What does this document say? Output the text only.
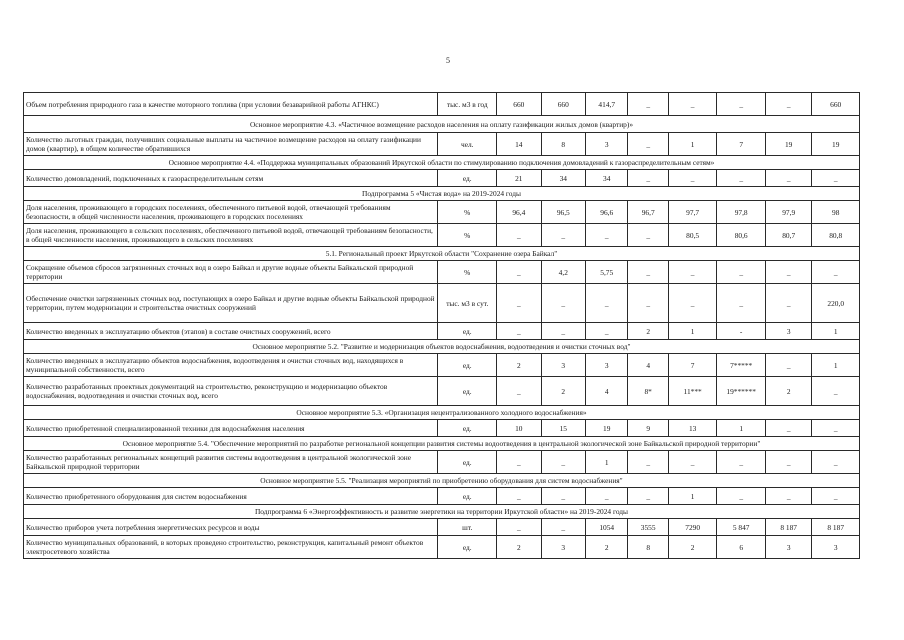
5
Объем потребления природного газа в качестве моторного топлива (при условии безаварийной работы АГНКС)	тыс. м3 в год	660	660	414,7	_	_	_	_	660
Основное мероприятие 4.3. «Частичное возмещение расходов населения на оплату газификации жилых домов (квартир)»									
Количество льготных граждан, получивших социальные выплаты на частичное возмещение расходов на оплату газификации домов (квартир), в общем количестве обратившихся	чел.	14	8	3	_	1	7	19	19
Основное мероприятие 4.4. «Поддержка муниципальных образований Иркутской области по стимулированию подключения домовладений к газораспределительным сетям»									
Количество домовладений, подключенных к газораспределительным сетям	ед.	21	34	34	_	_	_	_	_
Подпрограмма 5 «Чистая вода» на 2019-2024 годы									
Доля населения, проживающего в городских поселениях, обеспеченного питьевой водой, отвечающей требованиям безопасности, в общей численности населения, проживающего в городских поселениях	%	96,4	96,5	96,6	96,7	97,7	97,8	97,9	98
Доля населения, проживающего в сельских поселениях, обеспеченного питьевой водой, отвечающей требованиям безопасности, в общей численности населения, проживающего в сельских поселениях	%	_	_	_	_	80,5	80,6	80,7	80,8
5.1. Региональный проект Иркутской области "Сохранение озера Байкал"									
Сокращение объемов сбросов загрязненных сточных вод в озеро Байкал и другие водные объекты Байкальской природной территории	%	_	4,2	5,75	_	_	_	_	_
Обеспечение очистки загрязненных сточных вод, поступающих в озеро Байкал и другие водные объекты Байкальской природной территории, путем модернизации и строительства очистных сооружений	тыс. м3 в сут.	_	_	_	_	_	_	_	220,0
Количество введенных в эксплуатацию объектов (этапов) в составе очистных сооружений, всего	ед.	_	_	_	2	1	-	3	1
Основное мероприятие 5.2. "Развитие и модернизация объектов водоснабжения, водоотведения и очистки сточных вод"									
Количество введенных в эксплуатацию объектов водоснабжения, водоотведения и очистки сточных вод, находящихся в муниципальной собственности, всего	ед.	2	3	3	4	7	7*****	_	1
Количество разработанных проектных документаций на строительство, реконструкцию и модернизацию объектов водоснабжения, водоотведения и очистки сточных вод, всего	ед.	_	2	4	8*	11***	19******	2	_
Основное мероприятие 5.3. «Организация нецентрализованного холодного водоснабжения»									
Количество приобретенной специализированной техники для водоснабжения населения	ед.	10	15	19	9	13	1	_	_
Основное мероприятие 5.4. "Обеспечение мероприятий по разработке региональной концепции развития системы водоотведения в центральной экологической зоне Байкальской природной территории"									
Количество разработанных региональных концепций развития системы водоотведения в центральной экологической зоне Байкальской природной территории	ед.	_	_	1	_	_	_	_	_
Основное мероприятие 5.5. "Реализация мероприятий по приобретению оборудования для систем водоснабжения"									
Количество приобретенного оборудования для систем водоснабжения	ед.	_	_	_	_	1	_	_	_
Подпрограмма 6 «Энергоэффективность и развитие энергетики на территории Иркутской области» на 2019-2024 годы									
Количество приборов учета потребления энергетических ресурсов и воды	шт.	_	_	1054	3555	7290	5 847	8 187	8 187
Количество муниципальных образований, в которых проведено строительство, реконструкция, капитальный ремонт объектов электросетевого хозяйства	ед.	2	3	2	8	2	6	3	3
